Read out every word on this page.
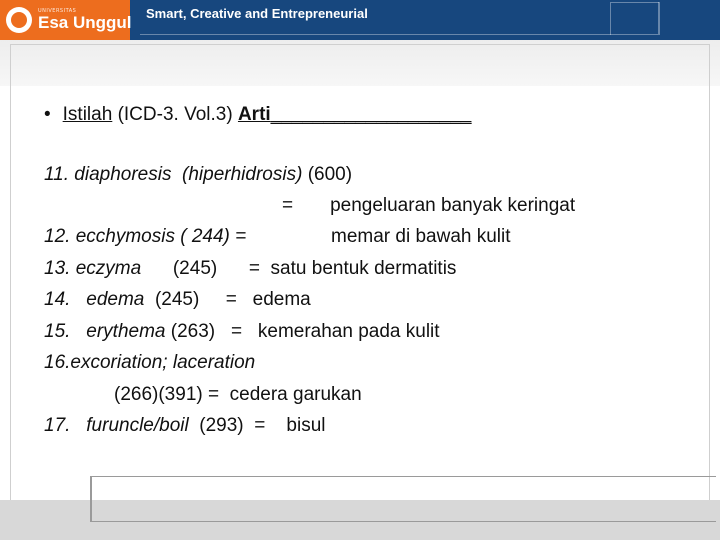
UNIVERSITAS
Esa Unggul Smart, Creative and Entrepreneurial
• Istilah (ICD-3. Vol.3) Arti___________________
11. diaphoresis  (hiperhidrosis) (600)
= pengeluaran banyak keringat
12. ecchymosis ( 244) =	memar di bawah kulit
13. eczyma (245) =  satu bentuk dermatitis
14. edema (245) =   edema
15. erythema (263) =   kemerahan pada kulit
16.excoriation; laceration
(266)(391) =  cedera garukan
17. furuncle/boil (293) =    bisul
